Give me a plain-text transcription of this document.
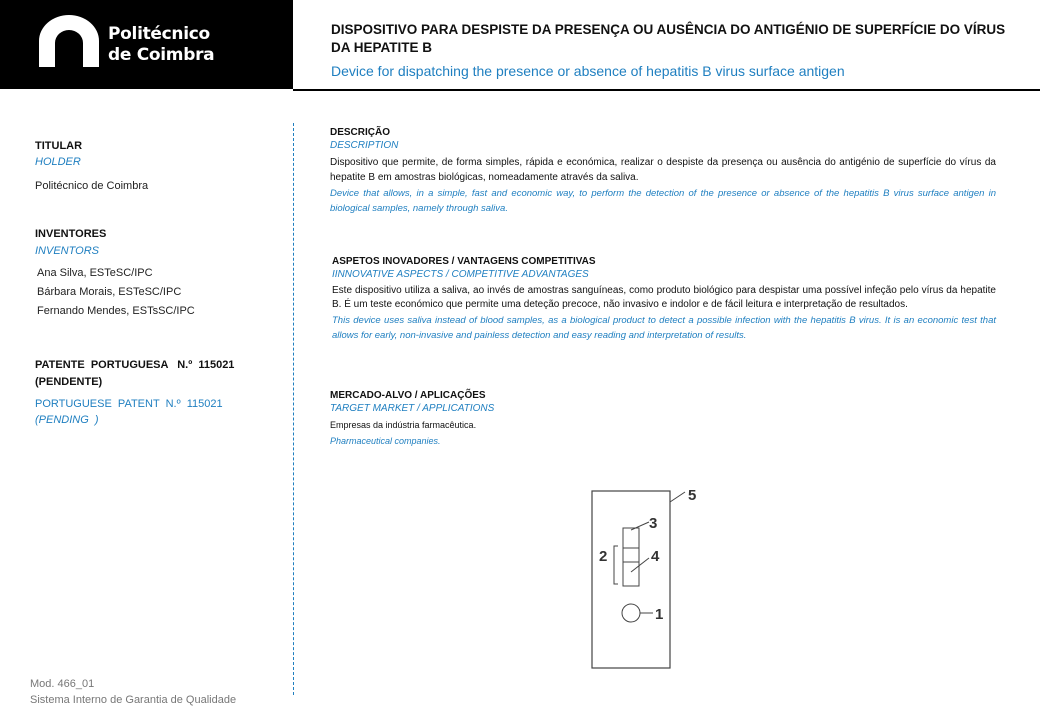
Politécnico
de Coimbra
DISPOSITIVO PARA DESPISTE DA PRESENÇA OU AUSÊNCIA DO ANTIGÉNIO DE SUPERFÍCIE DO VÍRUS DA HEPATITE B
Device for dispatching the presence or absence of hepatitis B virus surface antigen
TITULAR
HOLDER
Politécnico de Coimbra
INVENTORES
INVENTORS
Ana Silva, ESTeSC/IPC
Bárbara Morais, ESTeSC/IPC
Fernando Mendes, ESTsSC/IPC
PATENTE  PORTUGUESA   N.º  115021
(PENDENTE)
PORTUGUESE  PATENT  N.º  115021
(PENDING  )
DESCRIÇÃO
DESCRIPTION
Dispositivo que permite, de forma simples, rápida e económica, realizar o despiste da presença ou ausência do antigénio de superfície do vírus da hepatite B em amostras biológicas, nomeadamente através da saliva.
Device that allows, in a simple, fast and economic way, to perform the detection of the presence or absence of the hepatitis B virus surface antigen in biological samples, namely through saliva.
ASPETOS INOVADORES / VANTAGENS COMPETITIVAS
IINNOVATIVE ASPECTS / COMPETITIVE ADVANTAGES
Este dispositivo utiliza a saliva, ao invés de amostras sanguíneas, como produto biológico para despistar uma possível infeção pelo vírus da hepatite B. É um teste económico que permite uma deteção precoce, não invasivo e indolor e de fácil leitura e interpretação de resultados.
This device uses saliva instead of blood samples, as a biological product to detect a possible infection with the hepatitis B virus. It is an economic test that allows for early, non-invasive and painless detection and easy reading and interpretation of results.
MERCADO-ALVO / APLICAÇÕES
TARGET MARKET / APPLICATIONS
Empresas da indústria farmacêutica.
Pharmaceutical companies.
1
2
3
4
5
Mod. 466_01
Sistema Interno de Garantia de Qualidade
